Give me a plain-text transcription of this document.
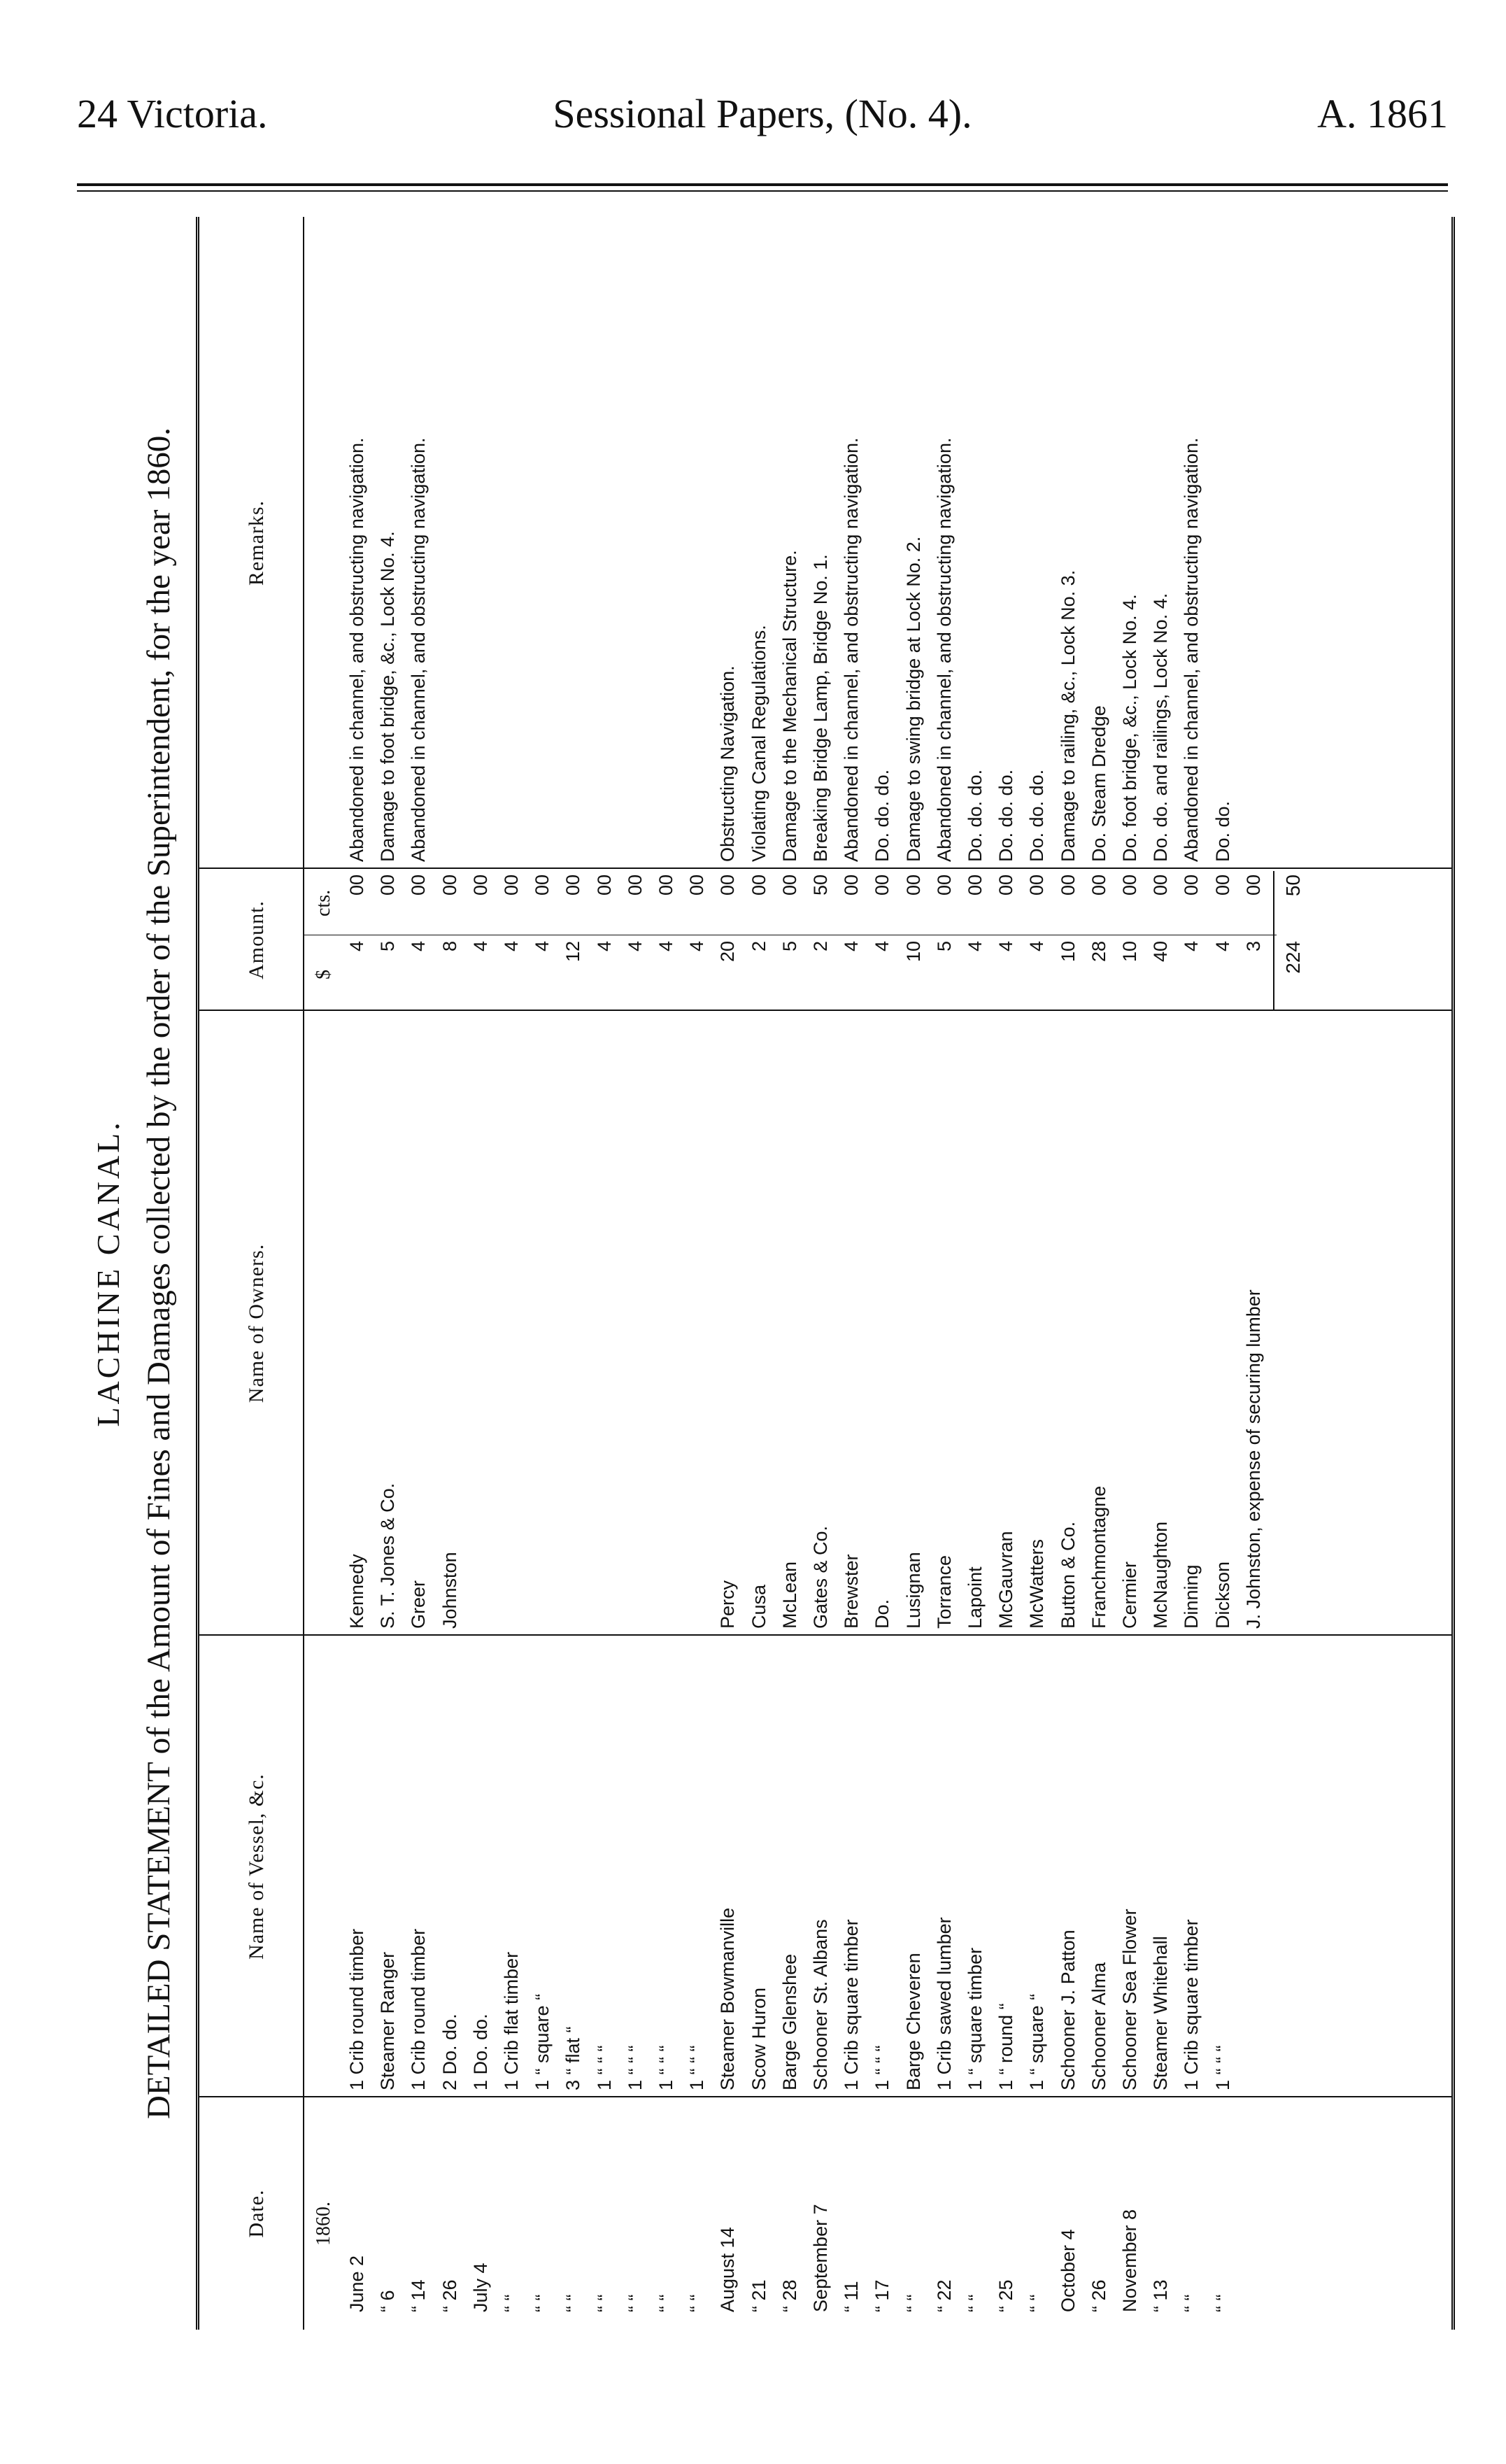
24 Victoria.	Sessional Papers, (No. 4).	A. 1861
LACHINE CANAL. DETAILED STATEMENT of the Amount of Fines and Damages collected by the order of the Superintendent, for the year 1860.
Date.
Name of Vessel, &c.
Name of Owners.
Amount.
Remarks.
1860.
$
cts.
June 2
1 Crib round timber
Kennedy
4
00
Abandoned in channel, and obstructing navigation.
“ 6
Steamer Ranger
S. T. Jones & Co.
5
00
Damage to foot bridge, &c., Lock No. 4.
“ 14
1 Crib round timber
Greer
4
00
Abandoned in channel, and obstructing navigation.
“ 26
2 Do. do.
Johnston
8
00
July 4
1 Do. do.
4
00
“ “
1 Crib flat timber
4
00
“ “
1 “ square “
4
00
“ “
3 “ flat “
12
00
“ “
1 “ “ “
4
00
“ “
1 “ “ “
4
00
“ “
1 “ “ “
4
00
“ “
1 “ “ “
4
00
August 14
Steamer Bowmanville
Percy
20
00
Obstructing Navigation.
“ 21
Scow Huron
Cusa
2
00
Violating Canal Regulations.
“ 28
Barge Glenshee
McLean
5
00
Damage to the Mechanical Structure.
September 7
Schooner St. Albans
Gates & Co.
2
50
Breaking Bridge Lamp, Bridge No. 1.
“ 11
1 Crib square timber
Brewster
4
00
Abandoned in channel, and obstructing navigation.
“ 17
1 “ “ “
Do.
4
00
Do. do. do.
“ “
Barge Cheveren
Lusignan
10
00
Damage to swing bridge at Lock No. 2.
“ 22
1 Crib sawed lumber
Torrance
5
00
Abandoned in channel, and obstructing navigation.
“ “
1 “ square timber
Lapoint
4
00
Do. do. do.
“ 25
1 “ round “
McGauvran
4
00
Do. do. do.
“ “
1 “ square “
McWatters
4
00
Do. do. do.
October 4
Schooner J. Patton
Button & Co.
10
00
Damage to railing, &c., Lock No. 3.
“ 26
Schooner Alma
Franchmontagne
28
00
Do. Steam Dredge
November 8
Schooner Sea Flower
Cermier
10
00
Do. foot bridge, &c., Lock No. 4.
“ 13
Steamer Whitehall
McNaughton
40
00
Do. do. and railings, Lock No. 4.
“ “
1 Crib square timber
Dinning
4
00
Abandoned in channel, and obstructing navigation.
“ “
1 “ “ “
Dickson
4
00
Do. do.
J. Johnston, expense of securing lumber
3
00
224
50
